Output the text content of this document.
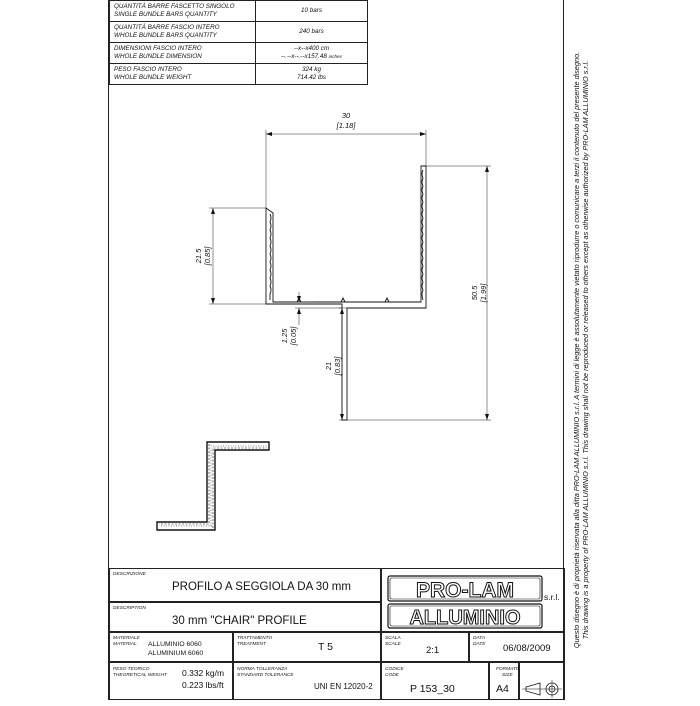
QUANTITÀ BARRE FASCETTO SINGOLO
SINGLE BUNDLE BARS QUANTITY	10 bars
QUANTITÀ BARRE FASCIO INTERO
WHOLE BUNDLE BARS QUANTITY	240 bars
DIMENSIONI FASCIO INTERO
WHOLE BUNDLE DIMENSION	--x--x400 cm
--.--x--.--x157.48 inches
PESO FASCIO INTERO
WHOLE BUNDLE WEIGHT	324 kg
714.42 lbs
30
[1.18]
21.5 [0.85]
50.5 [1.99]
1.25 [0.05]
21 [0.83]
DESCRIZIONE
PROFILO A SEGGIOLA DA 30 mm
DESCRIPTION
30 mm "CHAIR" PROFILE
PRO-LAM
ALLUMINIO
s.r.l.
MATERIALE
MATERIAL ALLUMINIO 6060
ALUMINIUM 6060
TRATTAMENTO
TREATMENT	T 5
SCALA
SCALE
2:1
DATA
DATE 06/08/2009
PESO TEORICO
THEORETICAL WEIGHT 0.332 kg/m
0.223 lbs/ft
NORMA TOLLERANZA
STANDARD TOLERANCE
UNI EN 12020-2
CODICE
CODE
P 153_30
FORMATO
SIZE
A4
Questo disegno è di proprietà riservata alla ditta PRO-LAM ALLUMINIO s.r.l. A termini di legge è assolutamente vietato riprodurre o comunicare a terzi il contenuto del presente disegno. This drawing is a property of PRO-LAM ALLUMINIO s.r.l. This drawing shall not be reproduced or released to others except as otherwise authorized by PRO-LAM ALLUMINIO s.r.l.
